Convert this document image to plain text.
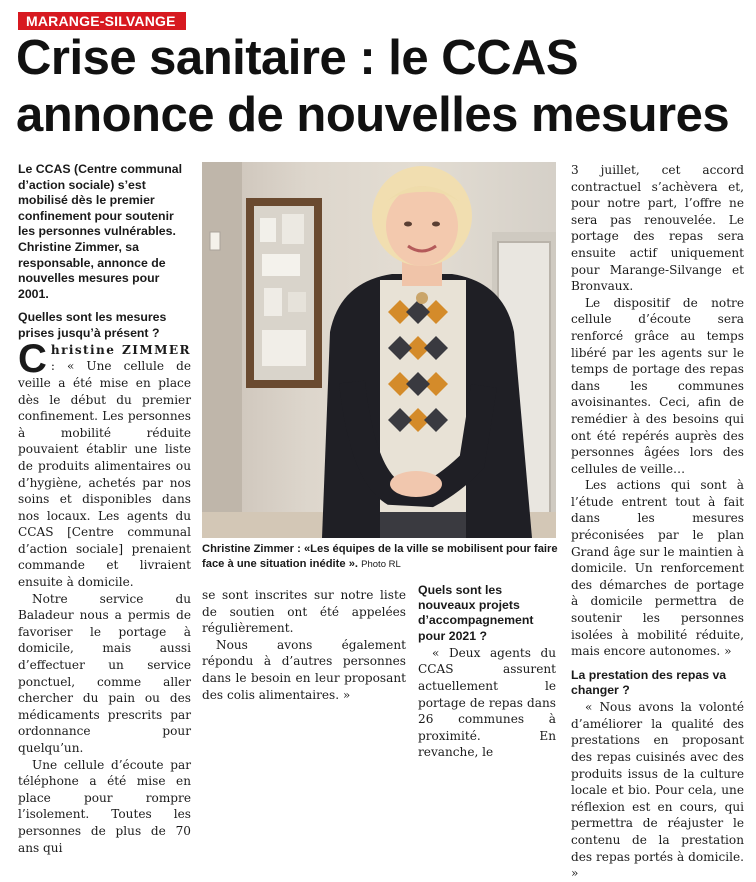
MARANGE-SILVANGE
Crise sanitaire : le CCAS
annonce de nouvelles mesures
Le CCAS (Centre communal d’action sociale) s’est mobilisé dès le premier confinement pour soutenir les personnes vulnérables. Christine Zimmer, sa responsable, annonce de nouvelles mesures pour 2001.
Quelles sont les mesures prises jusqu’à présent ?

Christine ZIMMER : « Une cellule de veille a été mise en place dès le début du premier confinement. Les personnes à mobilité réduite pouvaient établir une liste de produits alimentaires ou d’hygiène, achetés par nos soins et disponibles dans nos locaux. Les agents du CCAS [Centre communal d’action sociale] prenaient commande et livraient ensuite à domicile.

Notre service du Baladeur nous a permis de favoriser le portage à domicile, mais aussi d’effectuer un service ponctuel, comme aller chercher du pain ou des médicaments prescrits par ordonnance pour quelqu’un.

Une cellule d’écoute par téléphone a été mise en place pour rompre l’isolement. Toutes les personnes de plus de 70 ans qui

Christine Zimmer : «Les équipes de la ville se mobilisent pour faire face à une situation inédite ». Photo RL

se sont inscrites sur notre liste de soutien ont été appelées régulièrement.

Nous avons également répondu à d’autres personnes dans le besoin en leur proposant des colis alimentaires. »

Quels sont les nouveaux projets d’accompagnement pour 2021 ?

« Deux agents du CCAS assurent actuellement le portage de repas dans 26 communes à proximité. En revanche, le

3 juillet, cet accord contractuel s’achèvera et, pour notre part, l’offre ne sera pas renouvelée. Le portage des repas sera ensuite actif uniquement pour Marange-Silvange et Bronvaux.

Le dispositif de notre cellule d’écoute sera renforcé grâce au temps libéré par les agents sur le temps de portage des repas dans les communes avoisinantes. Ceci, afin de remédier à des besoins qui ont été repérés auprès des personnes âgées lors des cellules de veille…

Les actions qui sont à l’étude entrent tout à fait dans les mesures préconisées par le plan Grand âge sur le maintien à domicile. Un renforcement des démarches de portage à domicile permettra de soutenir les personnes isolées à mobilité réduite, mais encore autonomes. »

La prestation des repas va changer ?

« Nous avons la volonté d’améliorer la qualité des prestations en proposant des repas cuisinés avec des produits issus de la culture locale et bio. Pour cela, une réflexion est en cours, qui permettra de réajuster le contenu de la prestation des repas portés à domicile. »
